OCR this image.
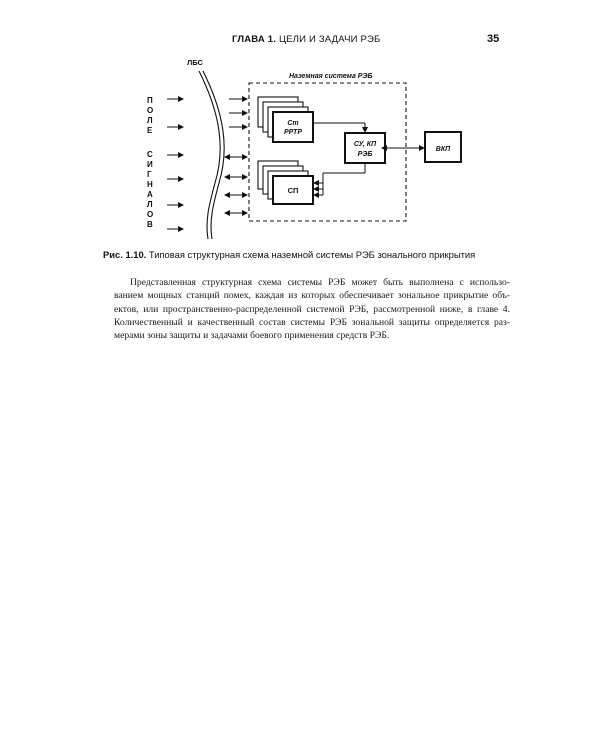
ГЛАВА 1. ЦЕЛИ И ЗАДАЧИ РЭБ	35
П
О
Л
Е
С
И
Г
Н
А
Л
О
В
ЛБС
Наземная система РЭБ
Ст
РРТР
СП
СУ, КП
РЭБ
ВКП
Рис. 1.10. Типовая структурная схема наземной системы РЭБ зонального прикрытия
Представленная структурная схема системы РЭБ может быть выполнена с использо-
ванием мощных станций помех, каждая из которых обеспечивает зональное прикрытие объ-
ектов, или пространственно-распределенной системой РЭБ, рассмотренной ниже, в главе 4.
Количественный и качественный состав системы РЭБ зональной защиты определяется раз-
мерами зоны защиты и задачами боевого применения средств РЭБ.
